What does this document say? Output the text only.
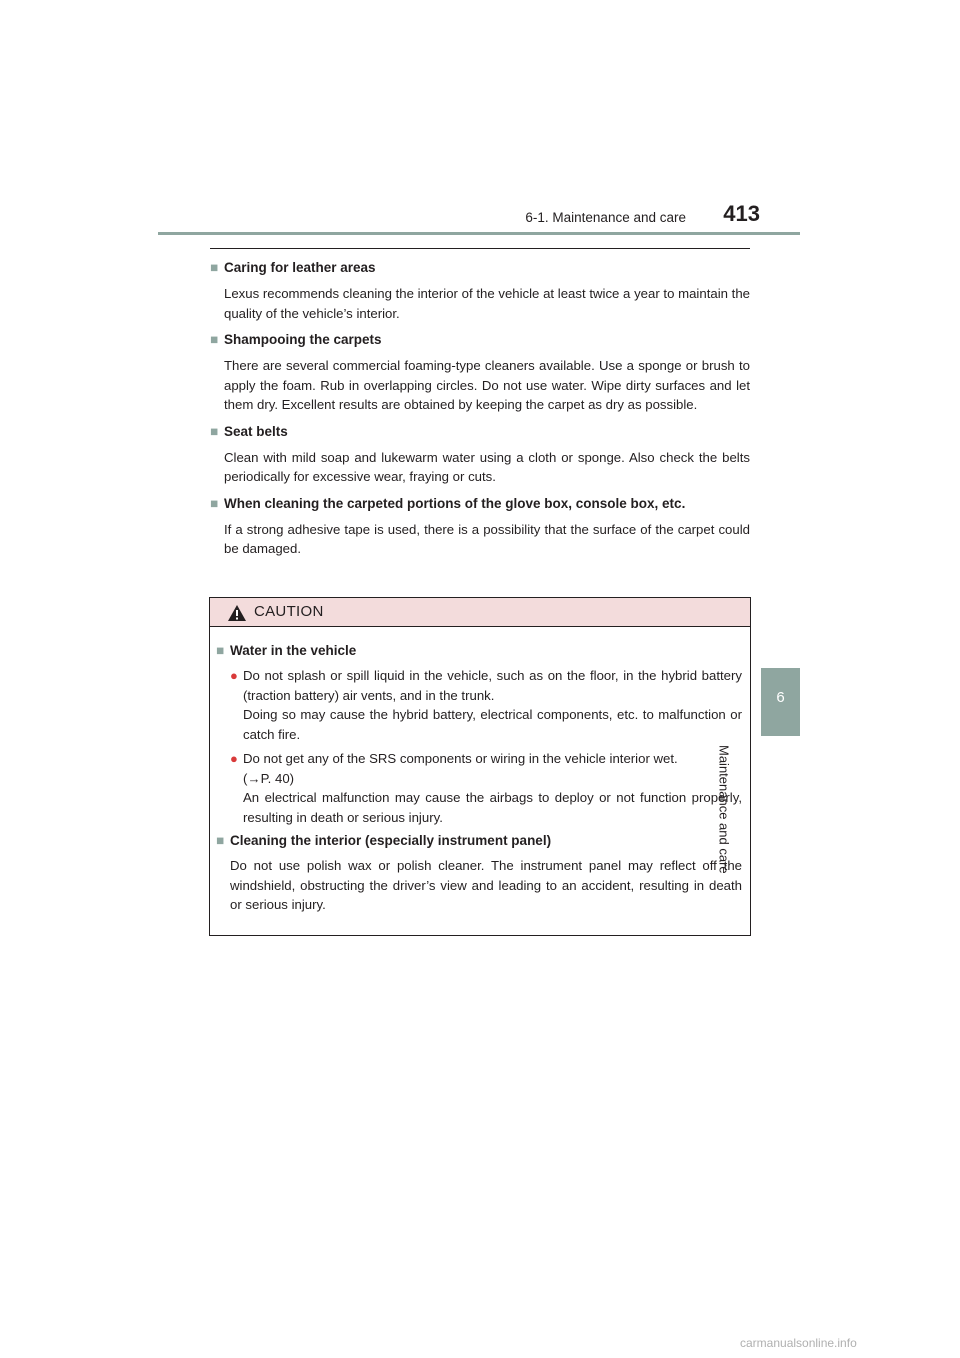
6-1. Maintenance and care	413
6
Maintenance and care
■ Caring for leather areas
Lexus recommends cleaning the interior of the vehicle at least twice a year to maintain the quality of the vehicle’s interior.
■ Shampooing the carpets
There are several commercial foaming-type cleaners available. Use a sponge or brush to apply the foam. Rub in overlapping circles. Do not use water. Wipe dirty surfaces and let them dry. Excellent results are obtained by keeping the carpet as dry as possible.
■ Seat belts
Clean with mild soap and lukewarm water using a cloth or sponge. Also check the belts periodically for excessive wear, fraying or cuts.
■ When cleaning the carpeted portions of the glove box, console box, etc.
If a strong adhesive tape is used, there is a possibility that the surface of the carpet could be damaged.
CAUTION
■ Water in the vehicle
● Do not splash or spill liquid in the vehicle, such as on the floor, in the hybrid battery (traction battery) air vents, and in the trunk.
Doing so may cause the hybrid battery, electrical components, etc. to malfunction or catch fire.
● Do not get any of the SRS components or wiring in the vehicle interior wet.
(→P. 40)
An electrical malfunction may cause the airbags to deploy or not function properly, resulting in death or serious injury.
■ Cleaning the interior (especially instrument panel)
Do not use polish wax or polish cleaner. The instrument panel may reflect off the windshield, obstructing the driver’s view and leading to an accident, resulting in death or serious injury.
carmanualsonline.info
